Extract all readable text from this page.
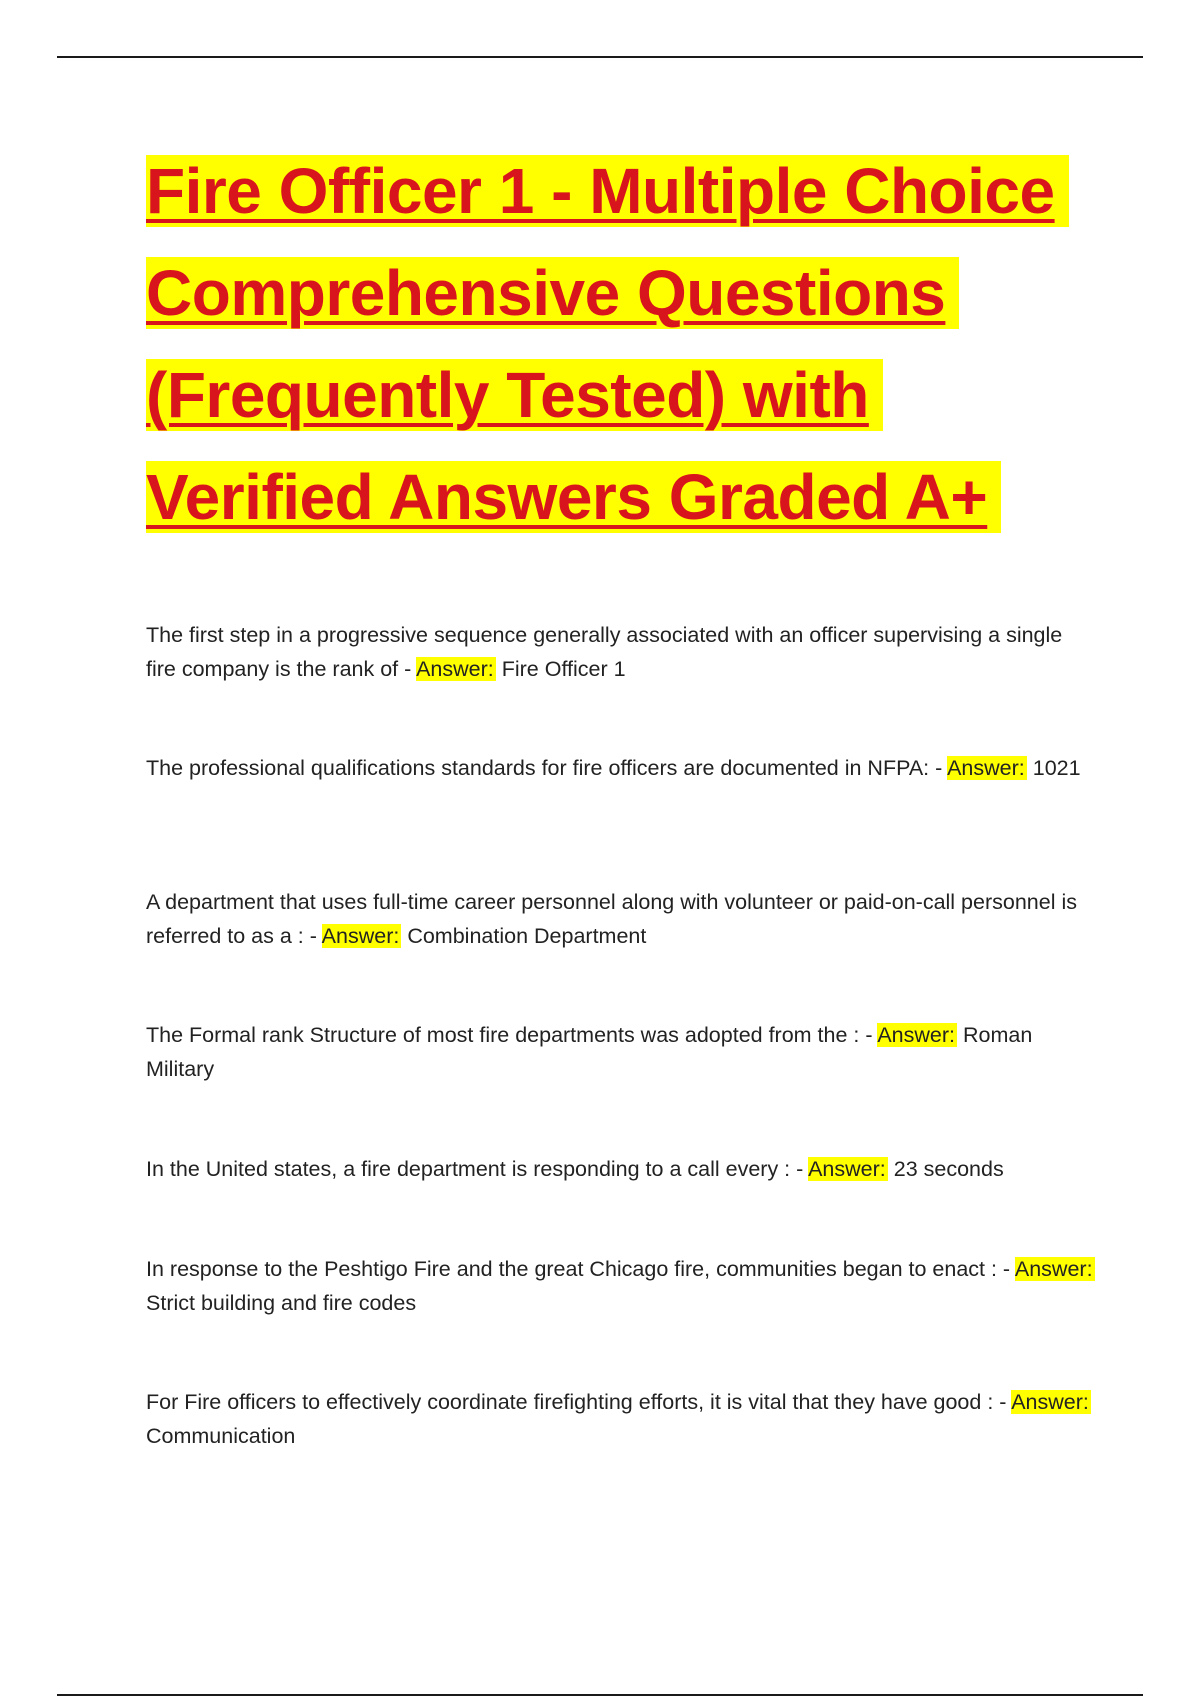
Fire Officer 1 - Multiple Choice
Comprehensive Questions
(Frequently Tested) with
Verified Answers Graded A+

The first step in a progressive sequence generally associated with an officer supervising a single fire company is the rank of - Answer: Fire Officer 1

The professional qualifications standards for fire officers are documented in NFPA: - Answer: 1021

A department that uses full-time career personnel along with volunteer or paid-on-call personnel is referred to as a : - Answer: Combination Department

The Formal rank Structure of most fire departments was adopted from the : - Answer: Roman Military

In the United states, a fire department is responding to a call every : - Answer: 23 seconds

In response to the Peshtigo Fire and the great Chicago fire, communities began to enact : - Answer: Strict building and fire codes

For Fire officers to effectively coordinate firefighting efforts, it is vital that they have good : - Answer: Communication
